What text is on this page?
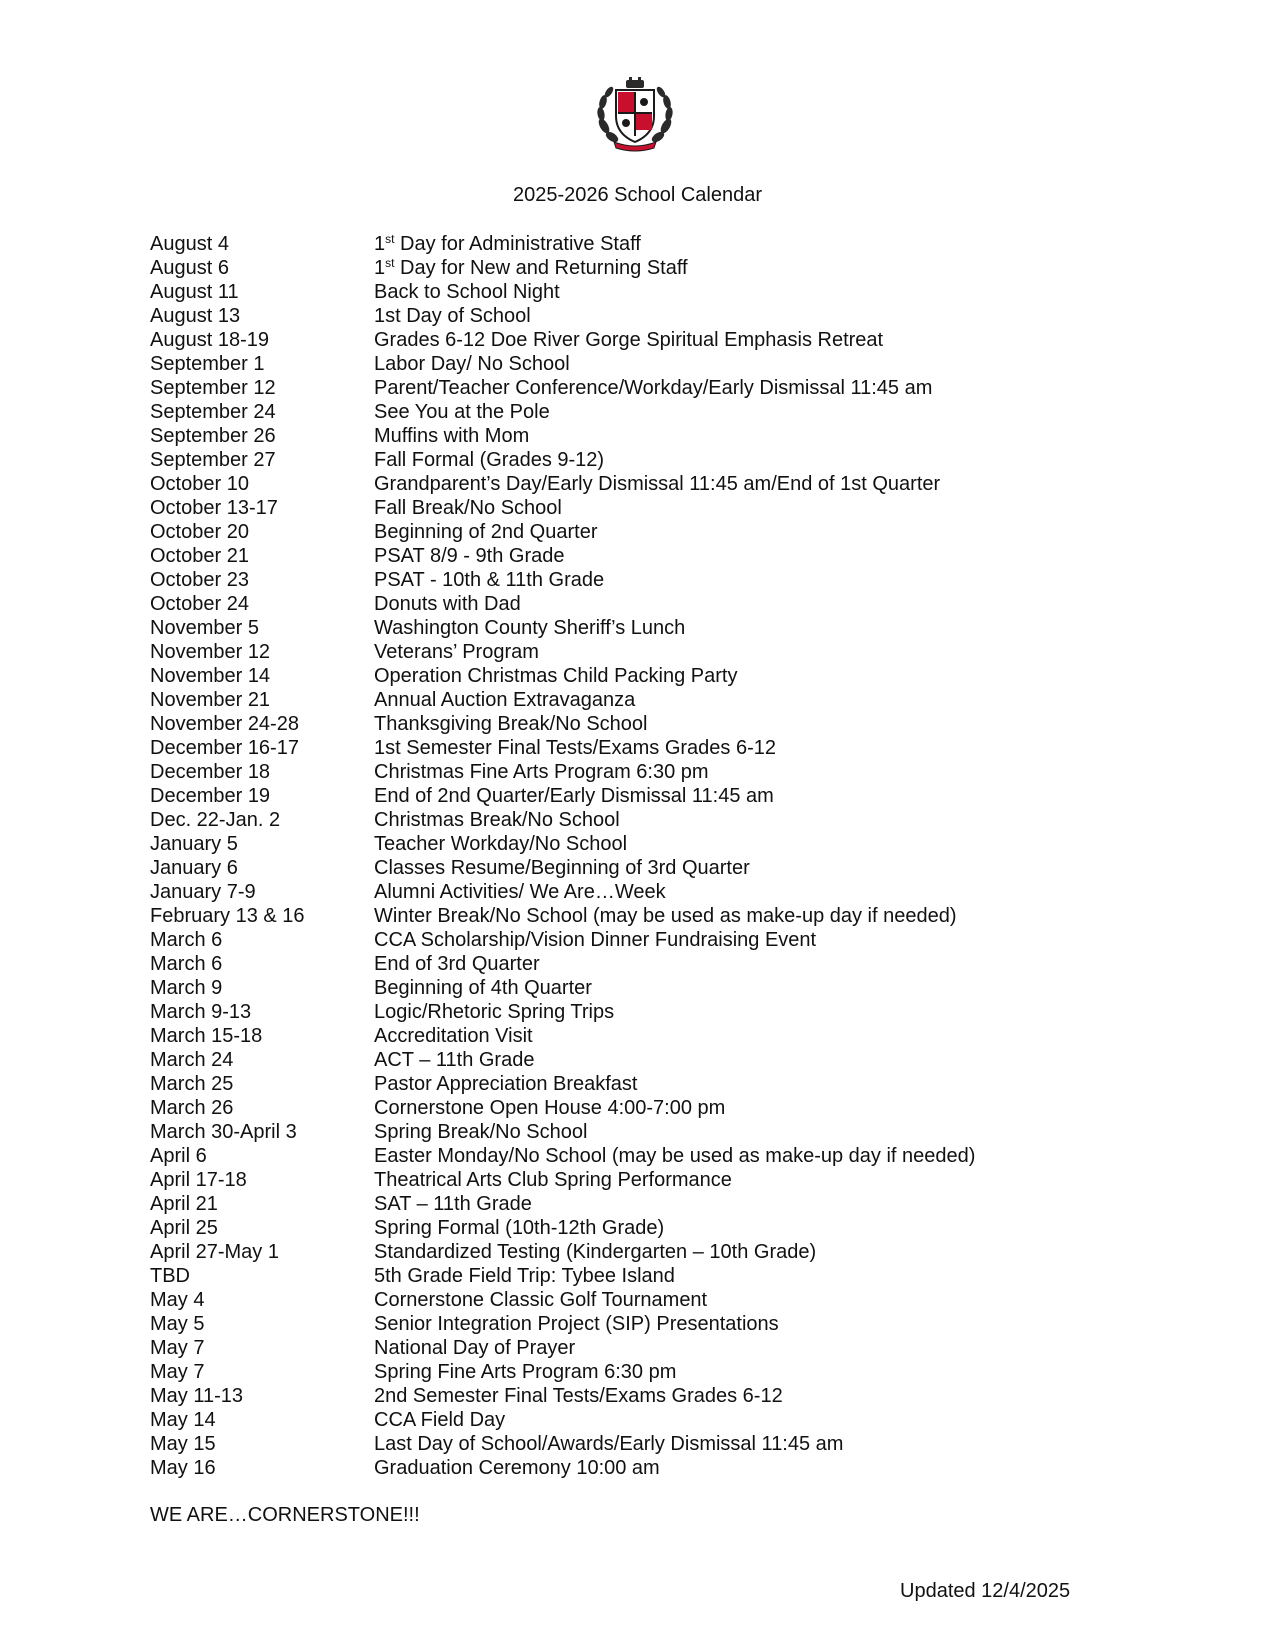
2025-2026 School Calendar
August 4	1st Day for Administrative Staff
August 6	1st Day for New and Returning Staff
August 11	Back to School Night
August 13	1st Day of School
August 18-19	Grades 6-12 Doe River Gorge Spiritual Emphasis Retreat
September 1	Labor Day/ No School
September 12	Parent/Teacher Conference/Workday/Early Dismissal 11:45 am
September 24	See You at the Pole
September 26	Muffins with Mom
September 27	Fall Formal (Grades 9-12)
October 10	Grandparent’s Day/Early Dismissal 11:45 am/End of 1st Quarter
October 13-17	Fall Break/No School
October 20	Beginning of 2nd Quarter
October 21	PSAT 8/9 - 9th Grade
October 23	PSAT - 10th & 11th Grade
October 24	Donuts with Dad
November 5	Washington County Sheriff’s Lunch
November 12	Veterans’ Program
November 14	Operation Christmas Child Packing Party
November 21	Annual Auction Extravaganza
November 24-28	Thanksgiving Break/No School
December 16-17	1st Semester Final Tests/Exams Grades 6-12
December 18	Christmas Fine Arts Program 6:30 pm
December 19	End of 2nd Quarter/Early Dismissal 11:45 am
Dec. 22-Jan. 2	Christmas Break/No School
January 5	Teacher Workday/No School
January 6	Classes Resume/Beginning of 3rd Quarter
January 7-9	Alumni Activities/ We Are…Week
February 13 & 16	Winter Break/No School (may be used as make-up day if needed)
March 6	CCA Scholarship/Vision Dinner Fundraising Event
March 6	End of 3rd Quarter
March 9	Beginning of 4th Quarter
March 9-13	Logic/Rhetoric Spring Trips
March 15-18	Accreditation Visit
March 24	ACT – 11th Grade
March 25	Pastor Appreciation Breakfast
March 26	Cornerstone Open House 4:00-7:00 pm
March 30-April 3	Spring Break/No School
April 6	Easter Monday/No School (may be used as make-up day if needed)
April 17-18	Theatrical Arts Club Spring Performance
April 21	SAT – 11th Grade
April 25	Spring Formal (10th-12th Grade)
April 27-May 1	Standardized Testing (Kindergarten – 10th Grade)
TBD	5th Grade Field Trip: Tybee Island
May 4	Cornerstone Classic Golf Tournament
May 5	Senior Integration Project (SIP) Presentations
May 7	National Day of Prayer
May 7	Spring Fine Arts Program 6:30 pm
May 11-13	2nd Semester Final Tests/Exams Grades 6-12
May 14	CCA Field Day
May 15	Last Day of School/Awards/Early Dismissal 11:45 am
May 16	Graduation Ceremony 10:00 am
WE ARE…CORNERSTONE!!!
Updated 12/4/2025
